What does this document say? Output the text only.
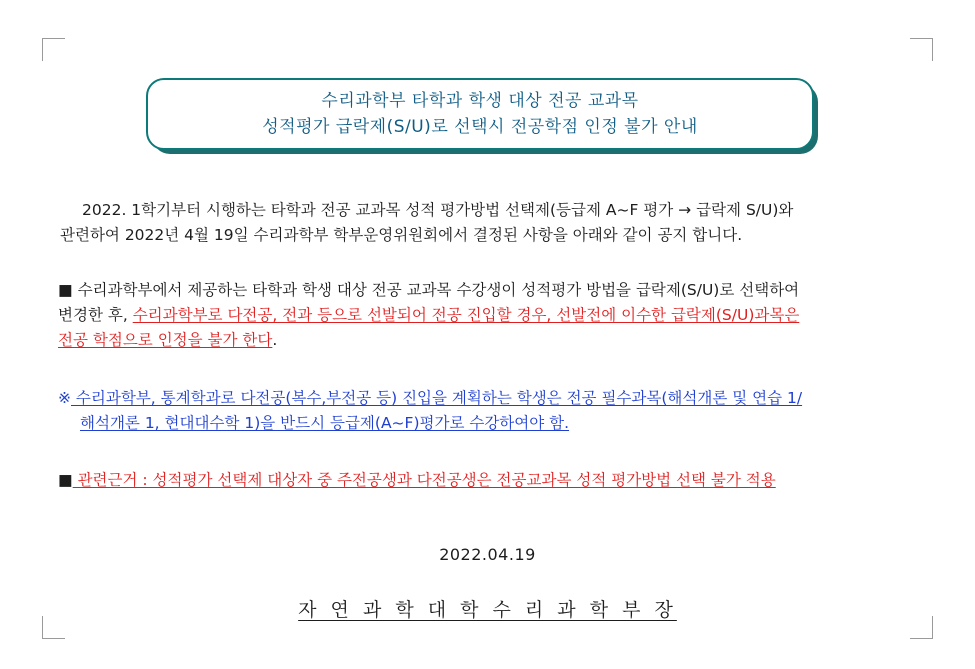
수리과학부 타학과 학생 대상 전공 교과목
성적평가 급락제(S/U)로 선택시 전공학점 인정 불가 안내
2022. 1학기부터 시행하는 타학과 전공 교과목 성적 평가방법 선택제(등급제 A~F 평가 → 급락제 S/U)와
관련하여 2022년 4월 19일 수리과학부 학부운영위원회에서 결정된 사항을 아래와 같이 공지 합니다.
■ 수리과학부에서 제공하는 타학과 학생 대상 전공 교과목 수강생이 성적평가 방법을 급락제(S/U)로 선택하여
변경한 후, 수리과학부로 다전공, 전과 등으로 선발되어 전공 진입할 경우, 선발전에 이수한 급락제(S/U)과목은
전공 학점으로 인정을 불가 한다.
※ 수리과학부, 통계학과로 다전공(복수,부전공 등) 진입을 계획하는 학생은 전공 필수과목(해석개론 및 연습 1/
해석개론 1, 현대대수학 1)을 반드시 등급제(A~F)평가로 수강하여야 함.
■ 관련근거 : 성적평가 선택제 대상자 중 주전공생과 다전공생은 전공교과목 성적 평가방법 선택 불가 적용
2022.04.19
자 연 과 학 대 학 수 리 과 학 부 장
